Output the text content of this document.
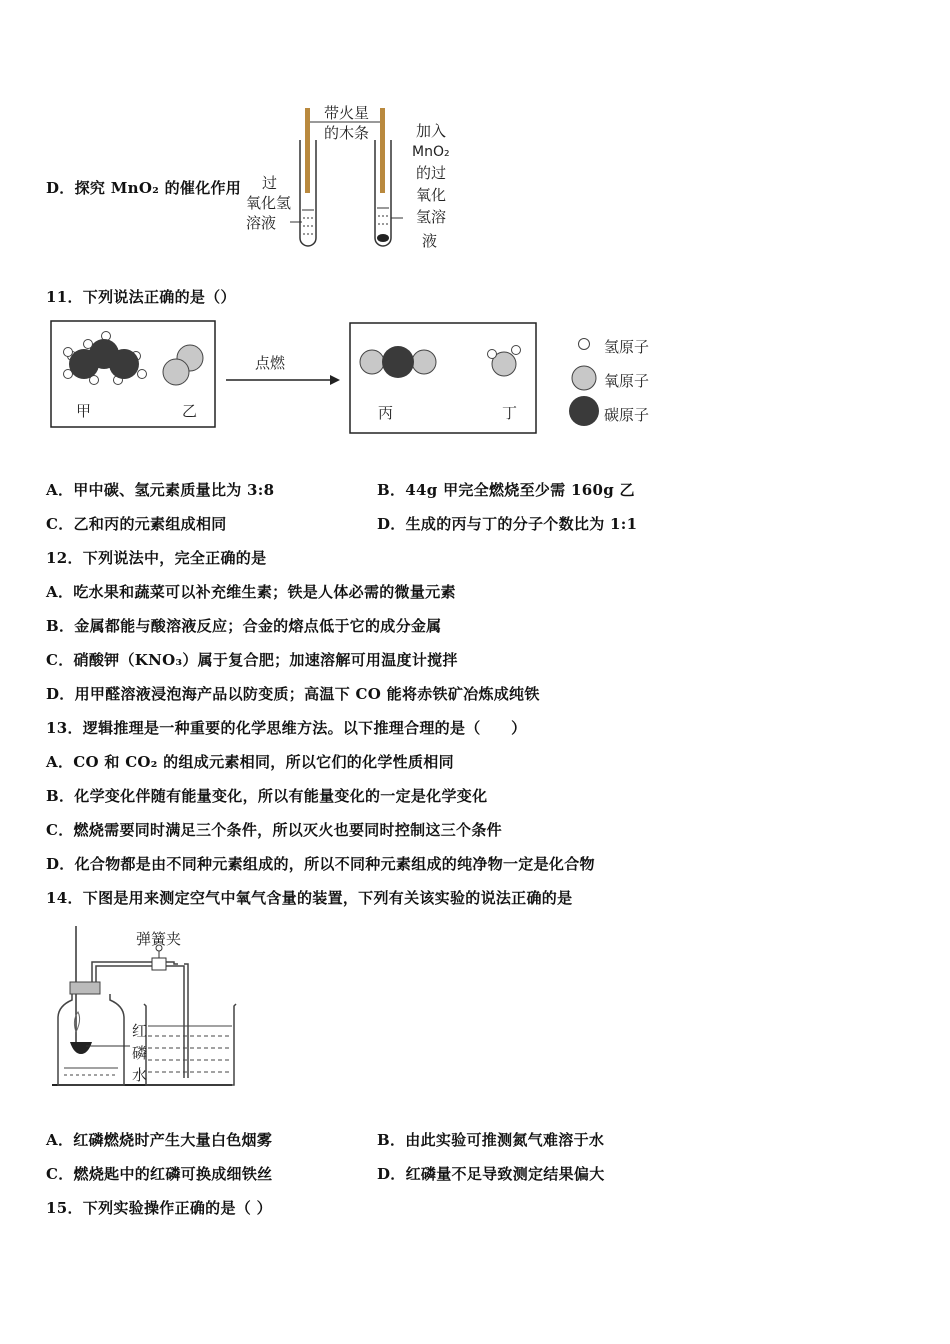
D．探究 MnO₂ 的催化作用
带火星
的木条
过
氧化氢
溶液
加入
MnO₂
的过
氧化
氢溶
液
11．下列说法正确的是（）
甲	乙
点燃
丙	丁
氢原子
氧原子
碳原子
A．甲中碳、氢元素质量比为 3:8	B．44g 甲完全燃烧至少需 160g 乙
C．乙和丙的元素组成相同	D．生成的丙与丁的分子个数比为 1:1
12．下列说法中，完全正确的是
A．吃水果和蔬菜可以补充维生素；铁是人体必需的微量元素
B．金属都能与酸溶液反应；合金的熔点低于它的成分金属
C．硝酸钾（KNO₃）属于复合肥；加速溶解可用温度计搅拌
D．用甲醛溶液浸泡海产品以防变质；高温下 CO 能将赤铁矿冶炼成纯铁
13．逻辑推理是一种重要的化学思维方法。以下推理合理的是（　　）
A．CO 和 CO₂ 的组成元素相同，所以它们的化学性质相同
B．化学变化伴随有能量变化，所以有能量变化的一定是化学变化
C．燃烧需要同时满足三个条件，所以灭火也要同时控制这三个条件
D．化合物都是由不同种元素组成的，所以不同种元素组成的纯净物一定是化合物
14．下图是用来测定空气中氧气含量的装置，下列有关该实验的说法正确的是
弹簧夹
红
磷
水
A．红磷燃烧时产生大量白色烟雾	B．由此实验可推测氮气难溶于水
C．燃烧匙中的红磷可换成细铁丝	D．红磷量不足导致测定结果偏大
15．下列实验操作正确的是（ ）
